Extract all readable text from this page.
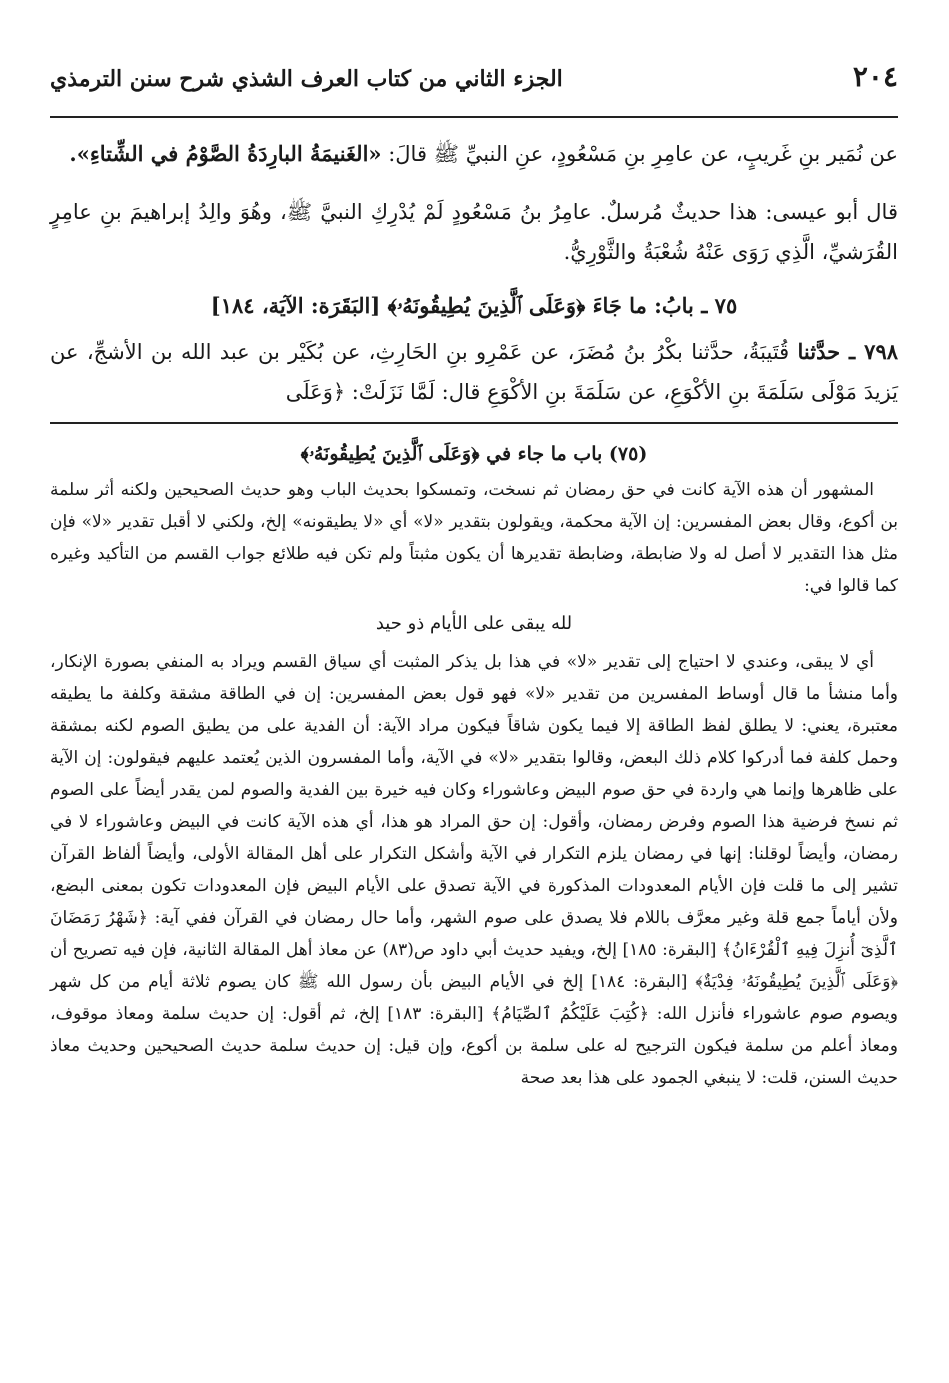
٢٠٤
الجزء الثاني من كتاب العرف الشذي شرح سنن الترمذي

عن نُمَير بنِ غَريبٍ، عن عامِرِ بنِ مَسْعُودٍ، عنِ النبيِّ ﷺ قالَ: «الغَنيمَةُ البارِدَةُ الصَّوْمُ في الشِّتاءِ».

قال أبو عيسى: هذا حديثٌ مُرسلٌ. عامِرُ بنُ مَسْعُودٍ لَمْ يُدْرِكِ النبيَّ ﷺ، وهُوَ والِدُ إبراهيمَ بنِ عامِرٍ القُرَشيِّ، الَّذِي رَوَى عَنْهُ شُعْبَةُ والثَّوْرِيُّ.

٧٥ ـ بابُ: ما جَاءَ ﴿وَعَلَى ٱلَّذِينَ يُطِيقُونَهُۥ﴾ [البَقَرَة: الآيَة، ١٨٤]

٧٩٨ ـ حدَّثنا قُتَيبَةُ، حدَّثنا بكْرُ بنُ مُضَرَ، عن عَمْرِو بنِ الحَارِثِ، عن بُكَيْر بن عبد الله بن الأشجِّ، عن يَزيدَ مَوْلَى سَلَمَةَ بنِ الأكْوَعِ، عن سَلَمَةَ بنِ الأكْوَعِ قال: لَمَّا نَزَلَتْ: ﴿وَعَلَى

(٧٥) باب ما جاء في ﴿وَعَلَى ٱلَّذِينَ يُطِيقُونَهُۥ﴾

المشهور أن هذه الآية كانت في حق رمضان ثم نسخت، وتمسكوا بحديث الباب وهو حديث الصحيحين ولكنه أثر سلمة بن أكوع، وقال بعض المفسرين: إن الآية محكمة، ويقولون بتقدير «لا» أي «لا يطيقونه» إلخ، ولكني لا أقبل تقدير «لا» فإن مثل هذا التقدير لا أصل له ولا ضابطة، وضابطة تقديرها أن يكون مثبتاً ولم تكن فيه طلائع جواب القسم من التأكيد وغيره كما قالوا في:

لله يبقى على الأيام ذو حيد

أي لا يبقى، وعندي لا احتياج إلى تقدير «لا» في هذا بل يذكر المثبت أي سياق القسم ويراد به المنفي بصورة الإنكار، وأما منشأ ما قال أوساط المفسرين من تقدير «لا» فهو قول بعض المفسرين: إن في الطاقة مشقة وكلفة ما يطيقه معتبرة، يعني: لا يطلق لفظ الطاقة إلا فيما يكون شاقاً فيكون مراد الآية: أن الفدية على من يطيق الصوم لكنه بمشقة وحمل كلفة فما أدركوا كلام ذلك البعض، وقالوا بتقدير «لا» في الآية، وأما المفسرون الذين يُعتمد عليهم فيقولون: إن الآية على ظاهرها وإنما هي واردة في حق صوم البيض وعاشوراء وكان فيه خيرة بين الفدية والصوم لمن يقدر أيضاً على الصوم ثم نسخ فرضية هذا الصوم وفرض رمضان، وأقول: إن حق المراد هو هذا، أي هذه الآية كانت في البيض وعاشوراء لا في رمضان، وأيضاً لوقلنا: إنها في رمضان يلزم التكرار في الآية وأشكل التكرار على أهل المقالة الأولى، وأيضاً ألفاظ القرآن تشير إلى ما قلت فإن الأيام المعدودات المذكورة في الآية تصدق على الأيام البيض فإن المعدودات تكون بمعنى البضع، ولأن أياماً جمع قلة وغير معرَّف باللام فلا يصدق على صوم الشهر، وأما حال رمضان في القرآن ففي آية: ﴿شَهْرُ رَمَضَانَ ٱلَّذِىٓ أُنزِلَ فِيهِ ٱلْقُرْءَانُ﴾ [البقرة: ١٨٥] إلخ، ويفيد حديث أبي داود ص(٨٣) عن معاذ أهل المقالة الثانية، فإن فيه تصريح أن ﴿وَعَلَى ٱلَّذِينَ يُطِيقُونَهُۥ فِدْيَةٌ﴾ [البقرة: ١٨٤] إلخ في الأيام البيض بأن رسول الله ﷺ كان يصوم ثلاثة أيام من كل شهر ويصوم صوم عاشوراء فأنزل الله: ﴿كُتِبَ عَلَيْكُمُ ٱلصِّيَامُ﴾ [البقرة: ١٨٣] إلخ، ثم أقول: إن حديث سلمة ومعاذ موقوف، ومعاذ أعلم من سلمة فيكون الترجيح له على سلمة بن أكوع، وإن قيل: إن حديث سلمة حديث الصحيحين وحديث معاذ حديث السنن، قلت: لا ينبغي الجمود على هذا بعد صحة
